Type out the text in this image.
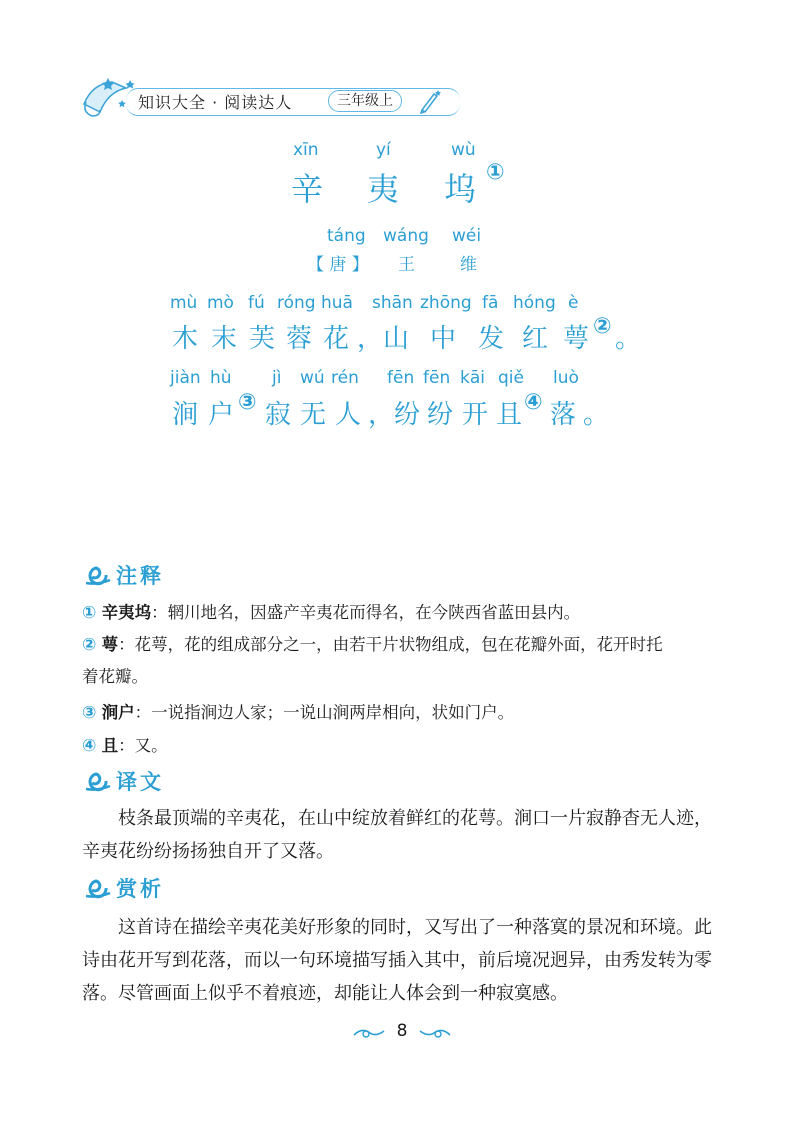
知识大全 · 阅读达人	三年级上
xīn	yí	wù
辛 夷 坞 ①
táng wáng wéi
【 唐 】 王	维
mù mò fú róng huā shān zhōng fā hóng è
木 末 芙 蓉 花 ，山 中 发 红 萼 ② 。
jiàn hù jì wú rén fēn fēn kāi qiě luò
涧 户 ③ 寂 无 人 ，纷 纷 开 且 ④ 落 。
注释
① 辛夷坞：辋川地名，因盛产辛夷花而得名，在今陕西省蓝田县内。
② 萼：花萼，花的组成部分之一，由若干片状物组成，包在花瓣外面，花开时托
着花瓣。
③ 涧户：一说指涧边人家；一说山涧两岸相向，状如门户。
④ 且：又。
译文

枝条最顶端的辛夷花，在山中绽放着鲜红的花萼。涧口一片寂静杳无人迹，辛夷花纷纷扬扬独自开了又落。

赏析

这首诗在描绘辛夷花美好形象的同时，又写出了一种落寞的景况和环境。此诗由花开写到花落，而以一句环境描写插入其中，前后境况迥异，由秀发转为零落。尽管画面上似乎不着痕迹，却能让人体会到一种寂寞感。

8
